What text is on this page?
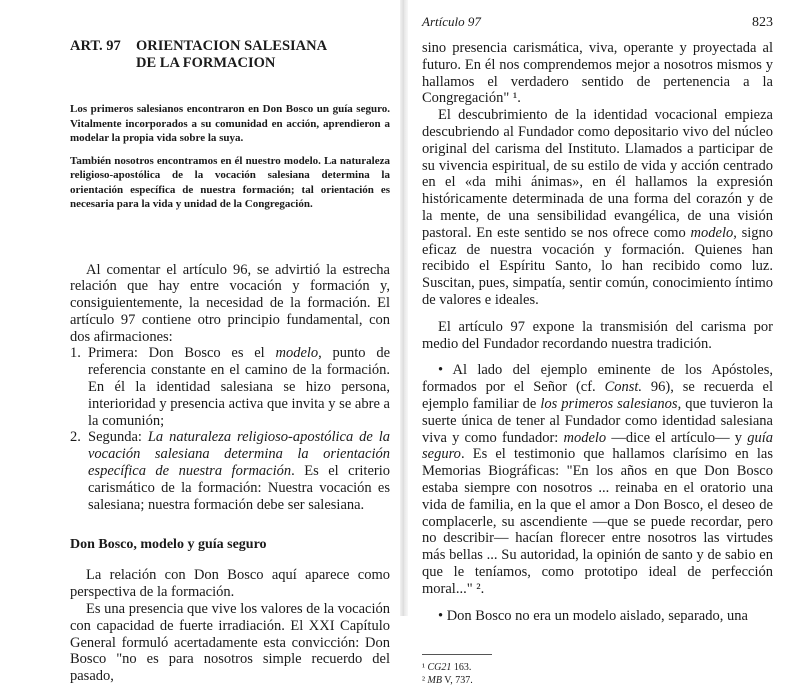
ART. 97	ORIENTACION SALESIANA
DE LA FORMACION

Los primeros salesianos encontraron en Don Bosco un guía seguro. Vitalmente incorporados a su comunidad en acción, aprendieron a modelar la propia vida sobre la suya.

También nosotros encontramos en él nuestro modelo. La naturaleza religioso-apostólica de la vocación salesiana determina la orientación específica de nuestra formación; tal orientación es necesaria para la vida y unidad de la Congregación.

Al comentar el artículo 96, se advirtió la estrecha relación que hay entre vocación y formación y, consiguientemente, la necesidad de la formación. El artículo 97 contiene otro principio fundamental, con dos afirmaciones:

1. Primera: Don Bosco es el modelo, punto de referencia constante en el camino de la formación. En él la identidad salesiana se hizo persona, interioridad y presencia activa que invita y se abre a la comunión;
2. Segunda: La naturaleza religioso-apostólica de la vocación salesiana determina la orientación específica de nuestra formación. Es el criterio carismático de la formación: Nuestra vocación es salesiana; nuestra formación debe ser salesiana.
Don Bosco, modelo y guía seguro

La relación con Don Bosco aquí aparece como perspectiva de la formación.

Es una presencia que vive los valores de la vocación con capacidad de fuerte irradiación. El XXI Capítulo General formuló acertadamente esta convicción: Don Bosco "no es para nosotros simple recuerdo del pasado,

Artículo 97	823

sino presencia carismática, viva, operante y proyectada al futuro. En él nos comprendemos mejor a nosotros mismos y hallamos el verdadero sentido de pertenencia a la Congregación" ¹.

El descubrimiento de la identidad vocacional empieza descubriendo al Fundador como depositario vivo del núcleo original del carisma del Instituto. Llamados a participar de su vivencia espiritual, de su estilo de vida y acción centrado en el «da mihi ánimas», en él hallamos la expresión históricamente determinada de una forma del corazón y de la mente, de una sensibilidad evangélica, de una visión pastoral. En este sentido se nos ofrece como modelo, signo eficaz de nuestra vocación y formación. Quienes han recibido el Espíritu Santo, lo han recibido como luz. Suscitan, pues, simpatía, sentir común, conocimiento íntimo de valores e ideales.

El artículo 97 expone la transmisión del carisma por medio del Fundador recordando nuestra tradición.

• Al lado del ejemplo eminente de los Apóstoles, formados por el Señor (cf. Const. 96), se recuerda el ejemplo familiar de los primeros salesianos, que tuvieron la suerte única de tener al Fundador como identidad salesiana viva y como fundador: modelo —dice el artículo— y guía seguro. Es el testimonio que hallamos clarísimo en las Memorias Biográficas: "En los años en que Don Bosco estaba siempre con nosotros ... reinaba en el oratorio una vida de familia, en la que el amor a Don Bosco, el deseo de complacerle, su ascendiente —que se puede recordar, pero no describir— hacían florecer entre nosotros las virtudes más bellas ... Su autoridad, la opinión de santo y de sabio en que le teníamos, como prototipo ideal de perfección moral..." ².

• Don Bosco no era un modelo aislado, separado, una

¹ CG21 163.
² MB V, 737.
